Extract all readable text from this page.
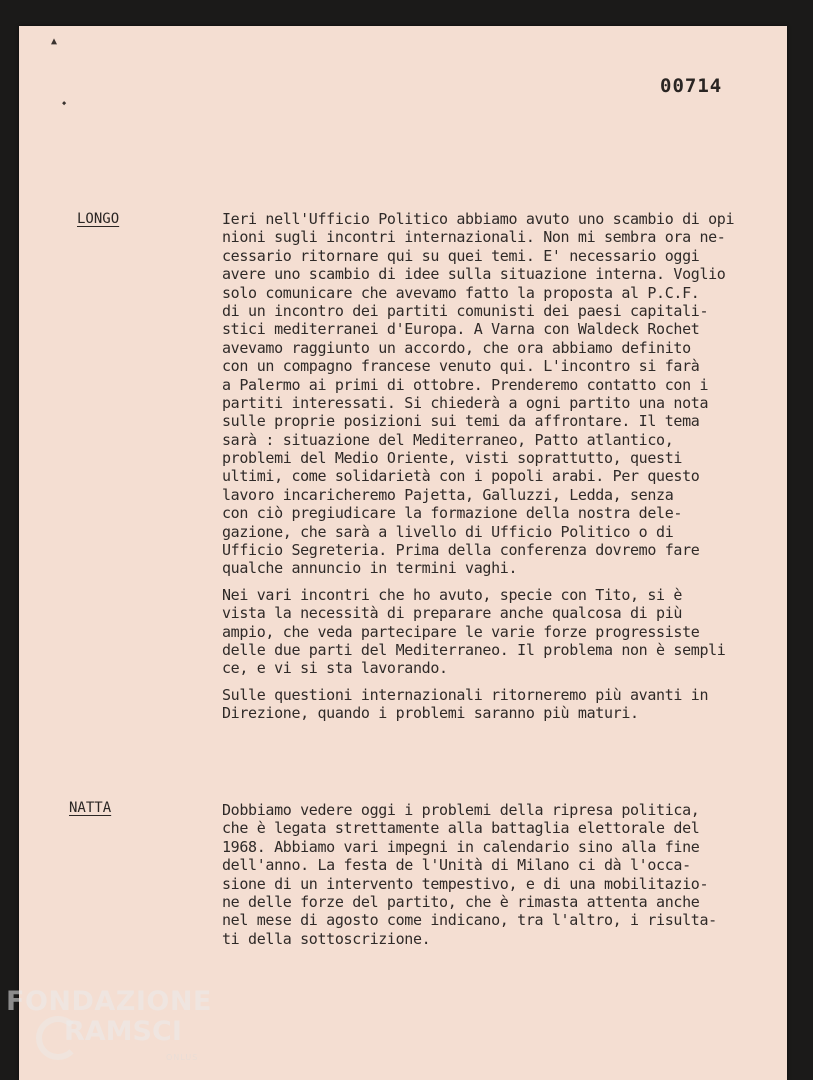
▲
◆
00714
LONGO	Ieri nell'Ufficio Politico abbiamo avuto uno scambio di opi
nioni sugli incontri internazionali. Non mi sembra ora ne-
cessario ritornare qui su quei temi. E' necessario oggi
avere uno scambio di idee sulla situazione interna. Voglio
solo comunicare che avevamo fatto la proposta al P.C.F.
di un incontro dei partiti comunisti dei paesi capitali-
stici mediterranei d'Europa. A Varna con Waldeck Rochet
avevamo raggiunto un accordo, che ora abbiamo definito
con un compagno francese venuto qui. L'incontro si farà
a Palermo ai primi di ottobre. Prenderemo contatto con i
partiti interessati. Si chiederà a ogni partito una nota
sulle proprie posizioni sui temi da affrontare. Il tema
sarà : situazione del Mediterraneo, Patto atlantico,
problemi del Medio Oriente, visti soprattutto, questi
ultimi, come solidarietà con i popoli arabi. Per questo
lavoro incaricheremo Pajetta, Galluzzi, Ledda, senza
con ciò pregiudicare la formazione della nostra dele-
gazione, che sarà a livello di Ufficio Politico o di
Ufficio Segreteria. Prima della conferenza dovremo fare
qualche annuncio in termini vaghi.
Nei vari incontri che ho avuto, specie con Tito, si è
vista la necessità di preparare anche qualcosa di più
ampio, che veda partecipare le varie forze progressiste
delle due parti del Mediterraneo. Il problema non è sempli
ce, e vi si sta lavorando.
Sulle questioni internazionali ritorneremo più avanti in
Direzione, quando i problemi saranno più maturi.
NATTA	Dobbiamo vedere oggi i problemi della ripresa politica,
che è legata strettamente alla battaglia elettorale del
1968. Abbiamo vari impegni in calendario sino alla fine
dell'anno. La festa de l'Unità di Milano ci dà l'occa-
sione di un intervento tempestivo, e di una mobilitazio-
ne delle forze del partito, che è rimasta attenta anche
nel mese di agosto come indicano, tra l'altro, i risulta-
ti della sottoscrizione.
FONDAZIONE
RAMSCI
ONLUS
